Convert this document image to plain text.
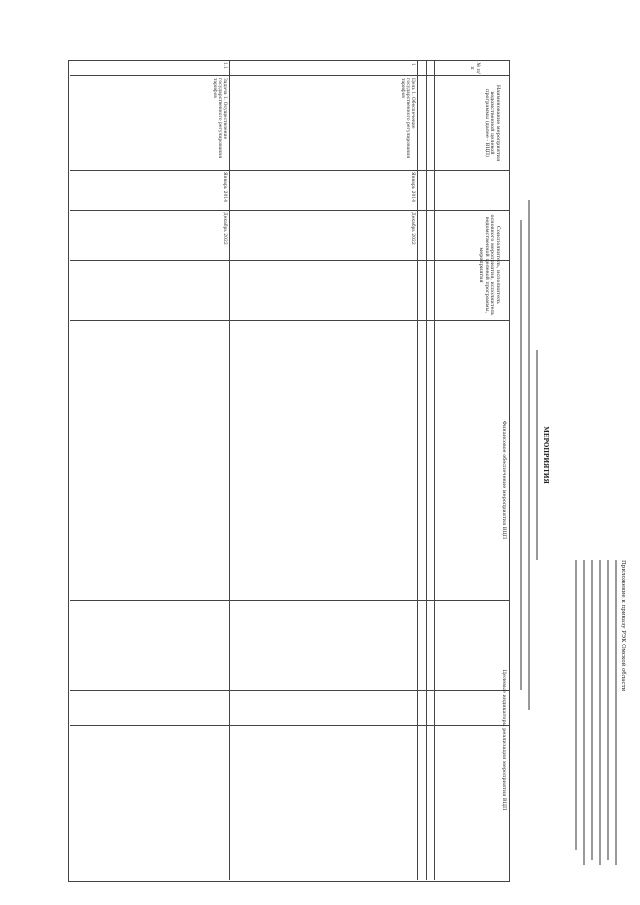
Приложение к приказу РЭК Омской области
МЕРОПРИЯТИЯ
№ п/п
Наименование мероприятия ведомственной целевой программы (далее - ВЦП)
Соисполнитель, исполнитель основного мероприятия, исполнитель ведомственной целевой программы, мероприятия
Финансовое обеспечение мероприятия ВЦП
Целевые индикаторы реализации мероприятия ВЦП
1
Цель 1. Обеспечение государственного регулирования тарифов
Январь 2014
Декабрь 2022
1.1
Задача 1. Осуществление государственного регулирования тарифов
Январь 2014
Декабрь 2022
